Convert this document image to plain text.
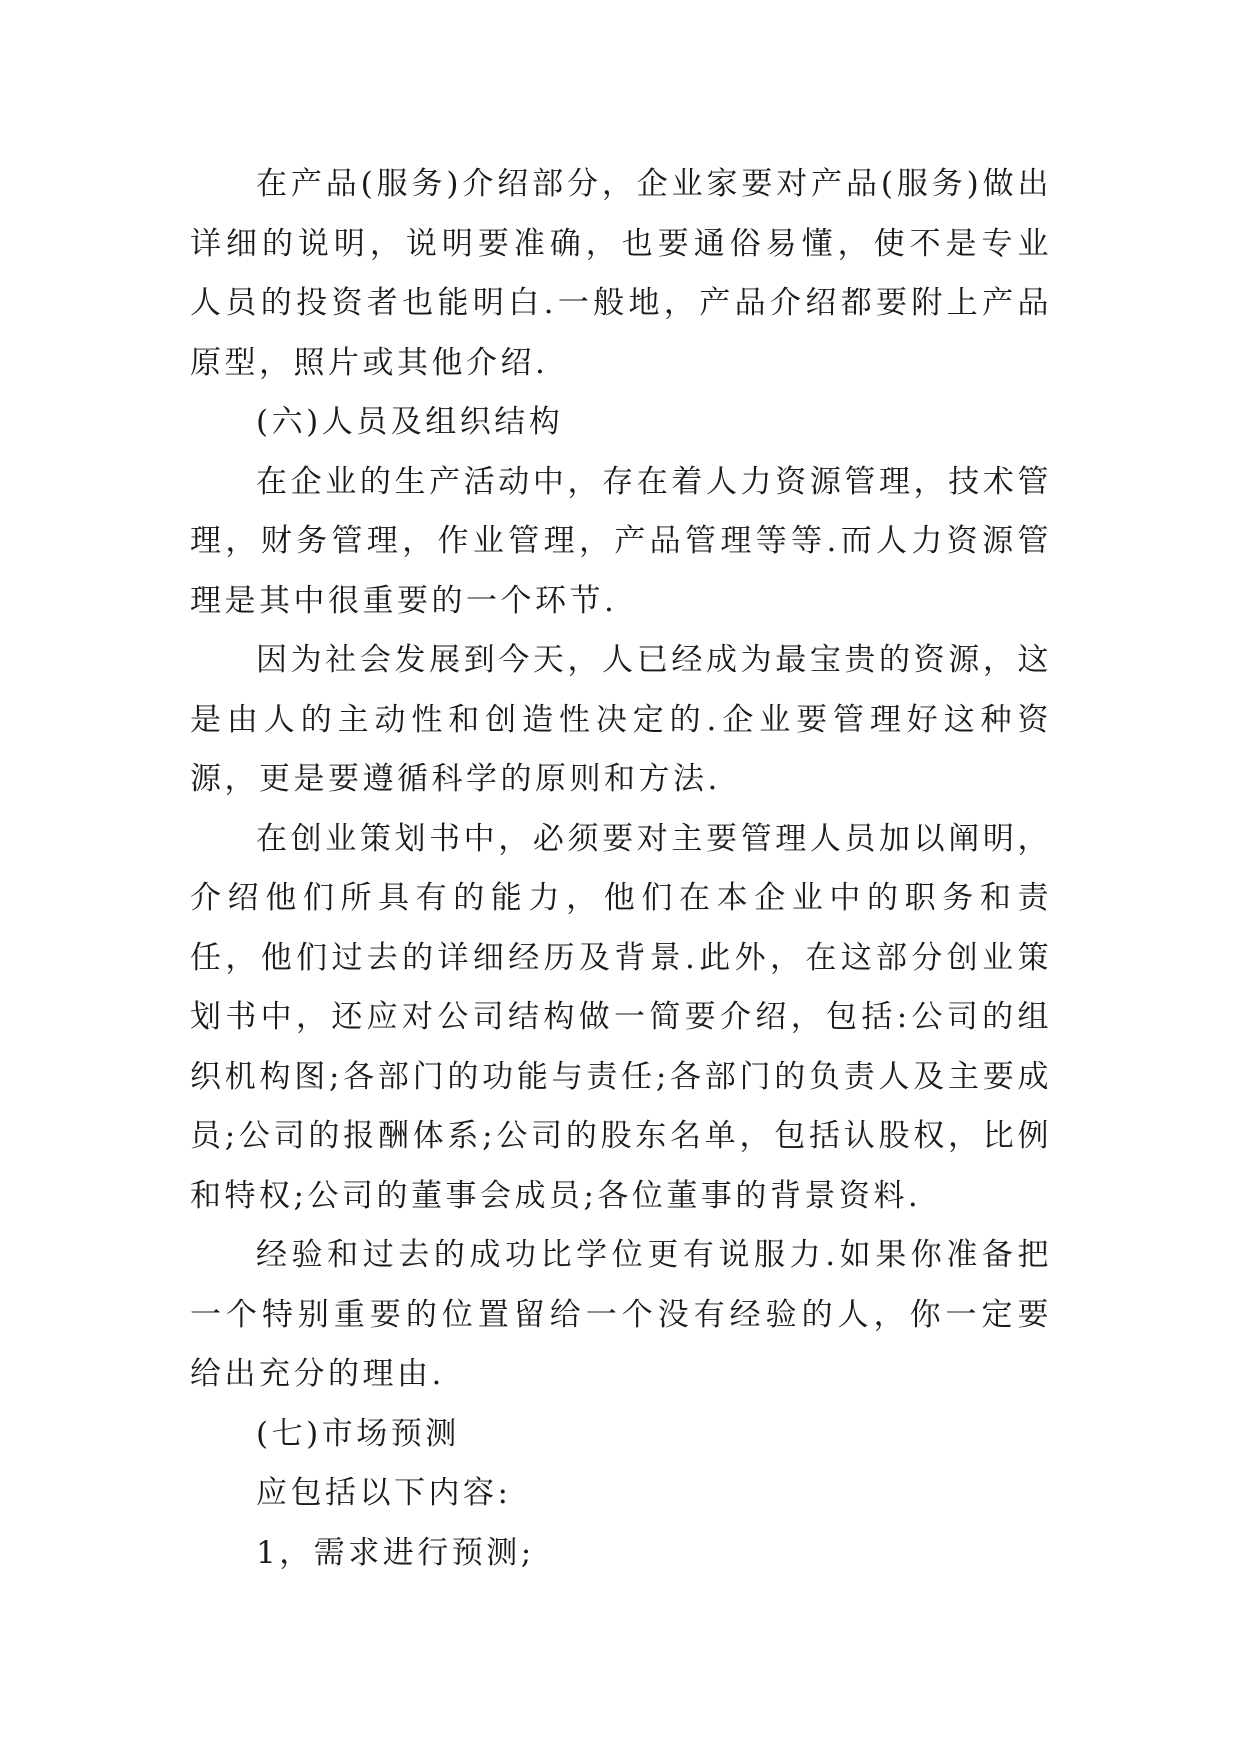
在产品(服务)介绍部分，企业家要对产品(服务)做出详细的说明，说明要准确，也要通俗易懂，使不是专业人员的投资者也能明白.一般地，产品介绍都要附上产品原型，照片或其他介绍.

(六)人员及组织结构

在企业的生产活动中，存在着人力资源管理，技术管理，财务管理，作业管理，产品管理等等.而人力资源管理是其中很重要的一个环节.

因为社会发展到今天，人已经成为最宝贵的资源，这是由人的主动性和创造性决定的.企业要管理好这种资源，更是要遵循科学的原则和方法.

在创业策划书中，必须要对主要管理人员加以阐明，介绍他们所具有的能力，他们在本企业中的职务和责任，他们过去的详细经历及背景.此外，在这部分创业策划书中，还应对公司结构做一简要介绍，包括:公司的组织机构图;各部门的功能与责任;各部门的负责人及主要成员;公司的报酬体系;公司的股东名单，包括认股权，比例和特权;公司的董事会成员;各位董事的背景资料.

经验和过去的成功比学位更有说服力.如果你准备把一个特别重要的位置留给一个没有经验的人，你一定要给出充分的理由.

(七)市场预测

应包括以下内容:

1，需求进行预测;
